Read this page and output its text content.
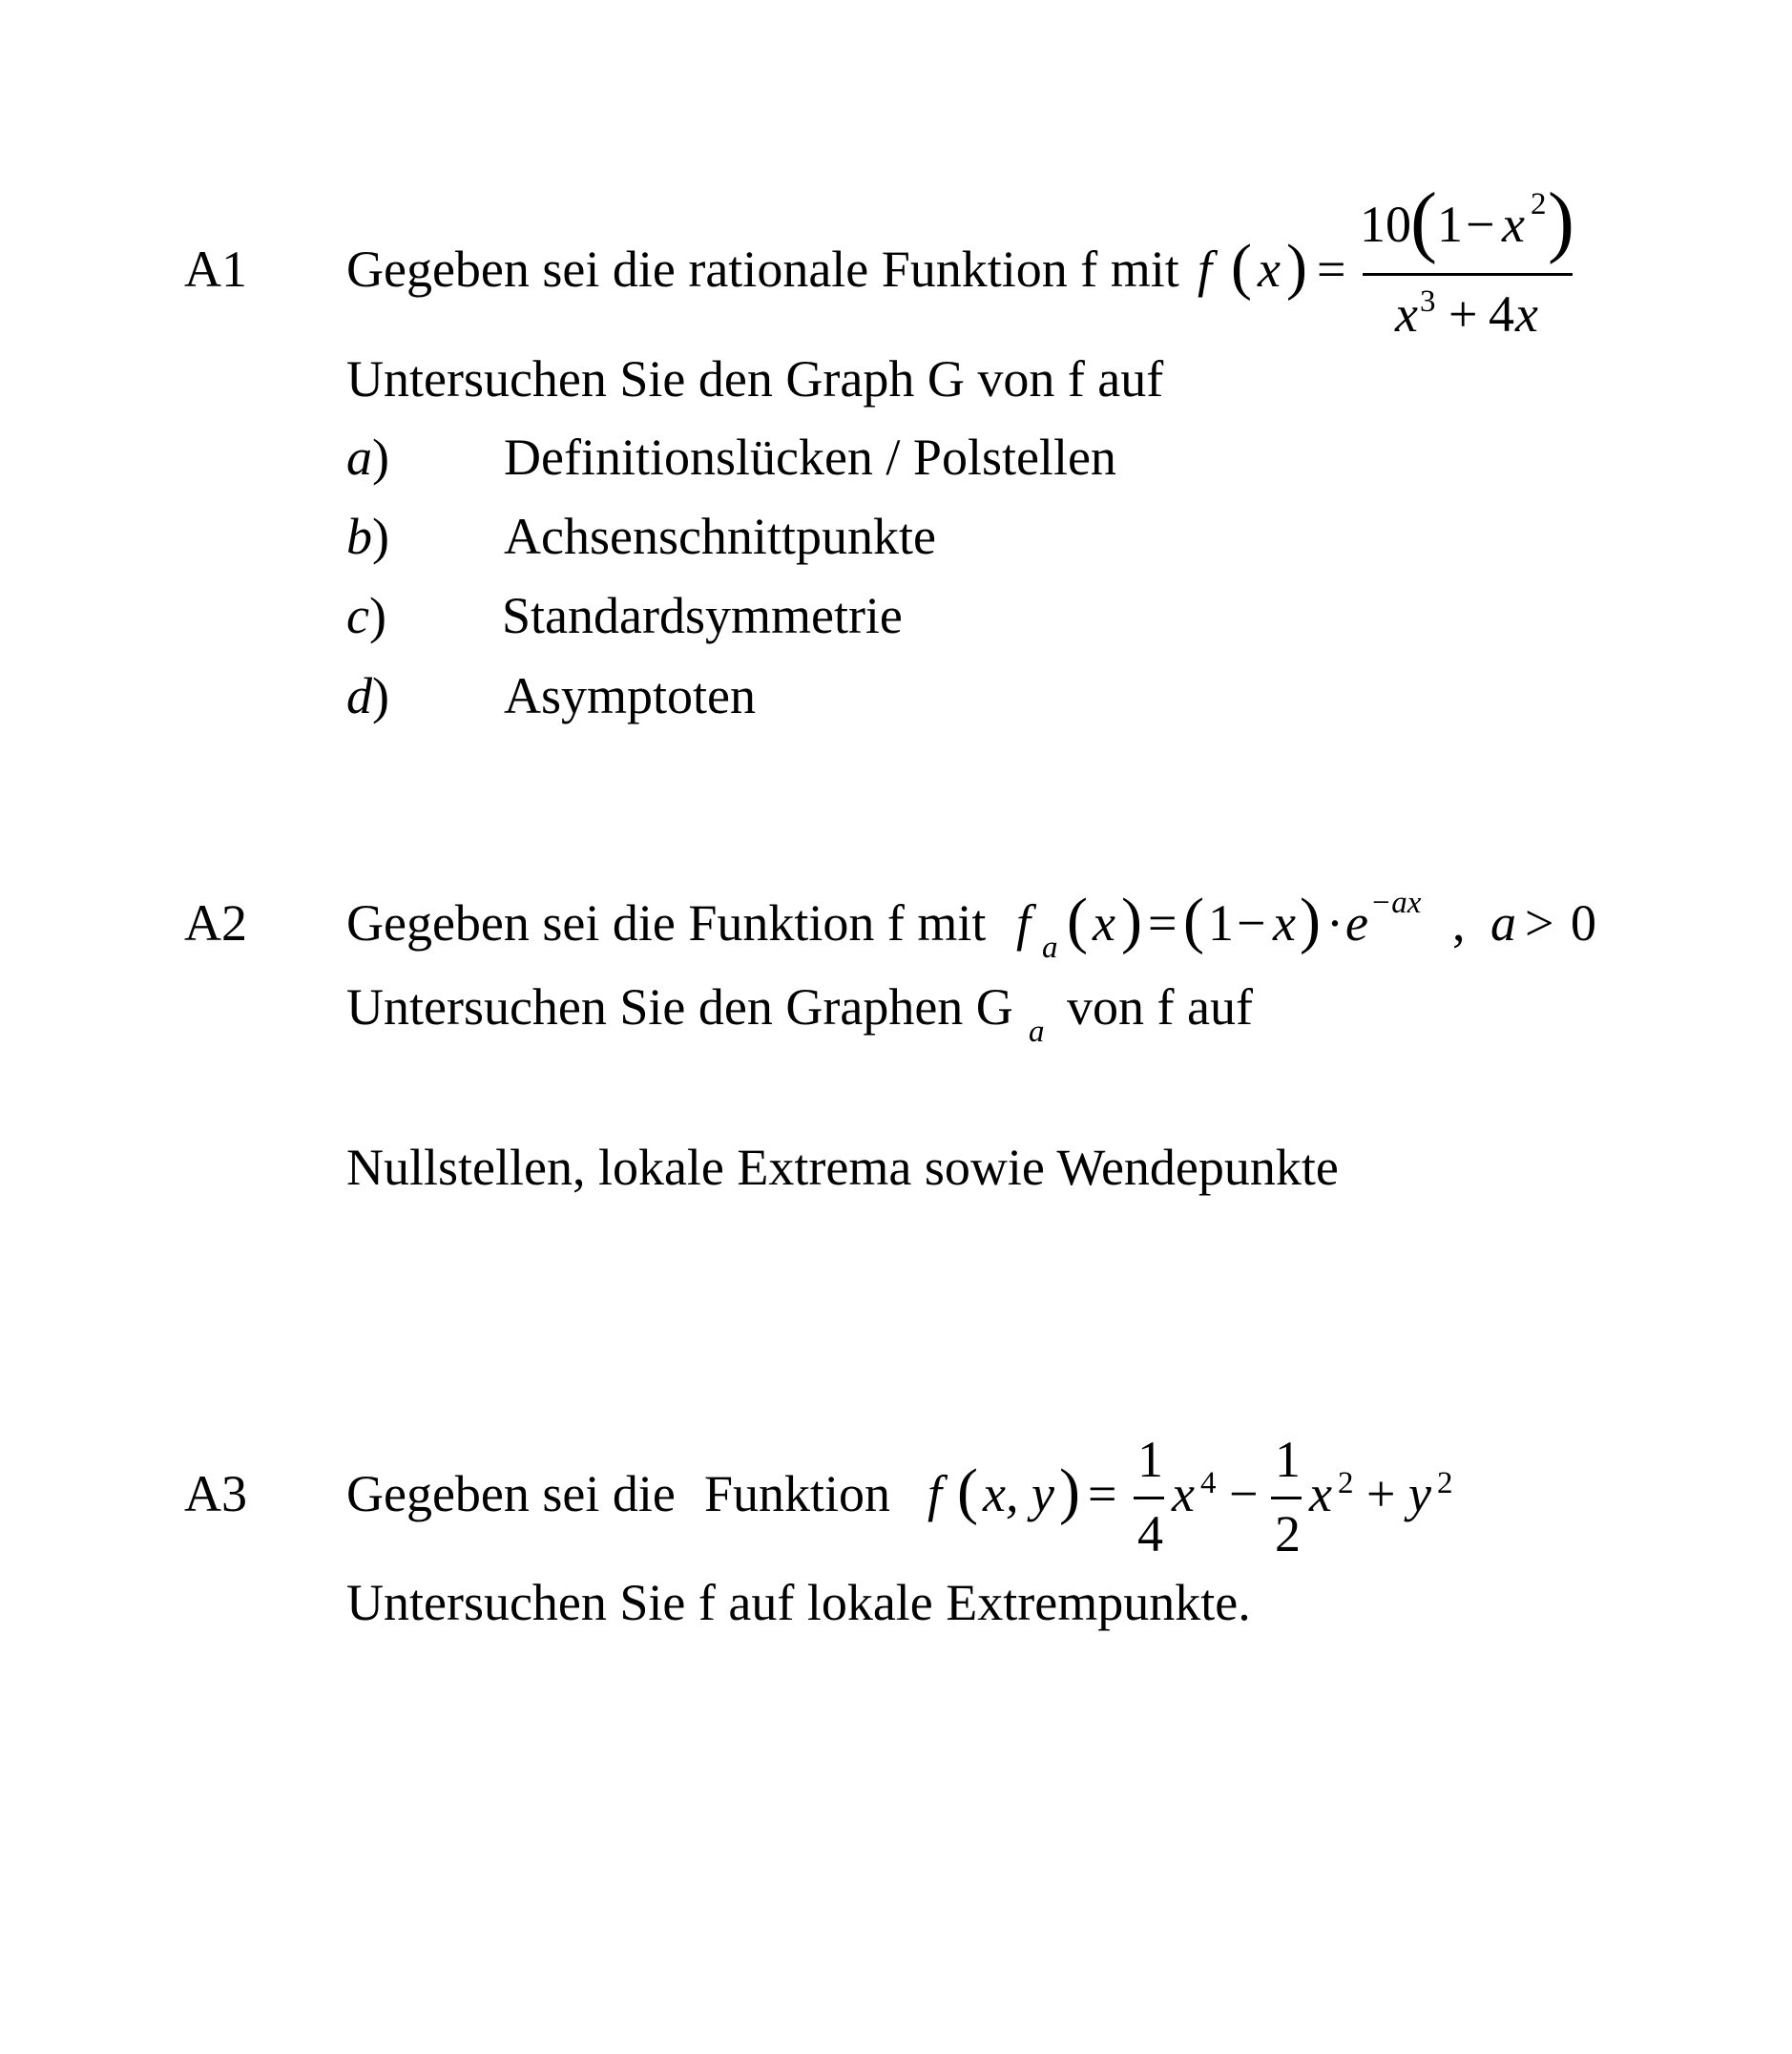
A1 Gegeben sei die rationale Funktion f mit f ( x ) =
10 ( 1 − x 2 )
x 3 + 4 x
Untersuchen Sie den Graph G von f auf
a) Definitionslücken / Polstellen
b) Achsenschnittpunkte
c) Standardsymmetrie
d) Asymptoten
A2 Gegeben sei die Funktion f mit f a ( x ) = ( 1 − x ) · e −ax , a > 0
Untersuchen Sie den Graphen G a von f auf
Nullstellen, lokale Extrema sowie Wendepunkte
A3 Gegeben sei die Funktion f ( x, y ) =
1
4
x 4 −
1
2
x 2 + y 2
Untersuchen Sie f auf lokale Extrempunkte.
